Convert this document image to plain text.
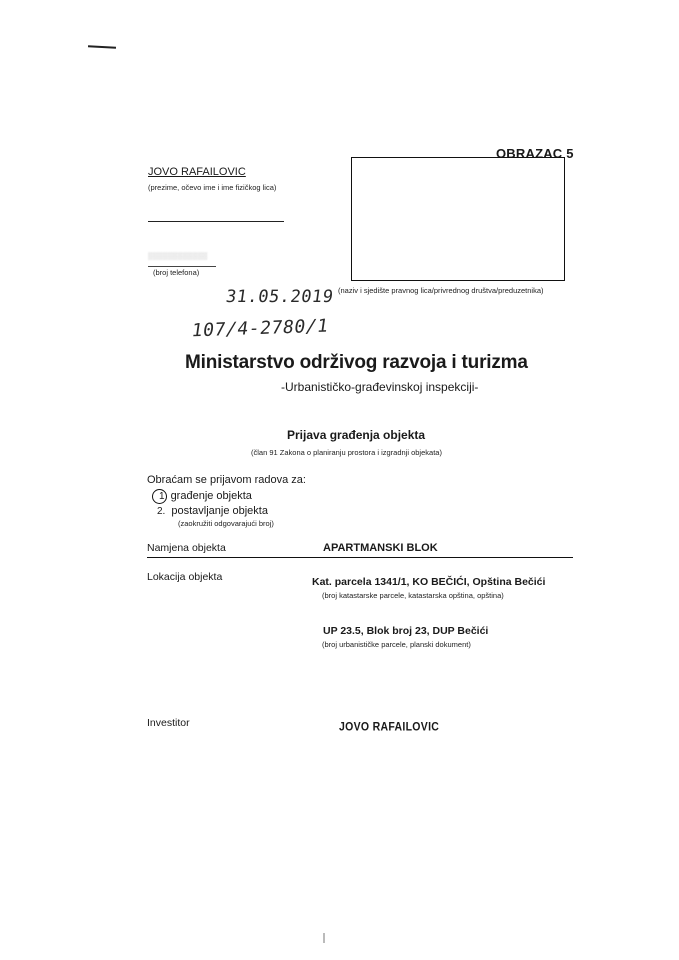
OBRAZAC 5
JOVO RAFAILOVIC
(prezime, očevo ime i ime fizičkog lica)
▒▒▒▒▒▒▒▒▒▒▒▒
(broj telefona)
(naziv i sjedište pravnog lica/privrednog društva/preduzetnika)
31.05.2019
107/4-2780/1
Ministarstvo održivog razvoja i turizma
-Urbanističko-građevinskoj inspekciji-
Prijava građenja objekta
(član 91 Zakona o planiranju prostora i izgradnji objekata)
Obraćam se prijavom radova za:
1 građenje objekta
2. postavljanje objekta
(zaokružiti odgovarajući broj)
Namjena objekta	APARTMANSKI BLOK
Lokacija objekta	Kat. parcela 1341/1, KO BEČIĆI, Opština Bečići
(broj katastarske parcele, katastarska opština, opština)
UP 23.5, Blok broj 23, DUP Bečići
(broj urbanističke parcele, planski dokument)
Investitor	JOVO RAFAILOVIC
